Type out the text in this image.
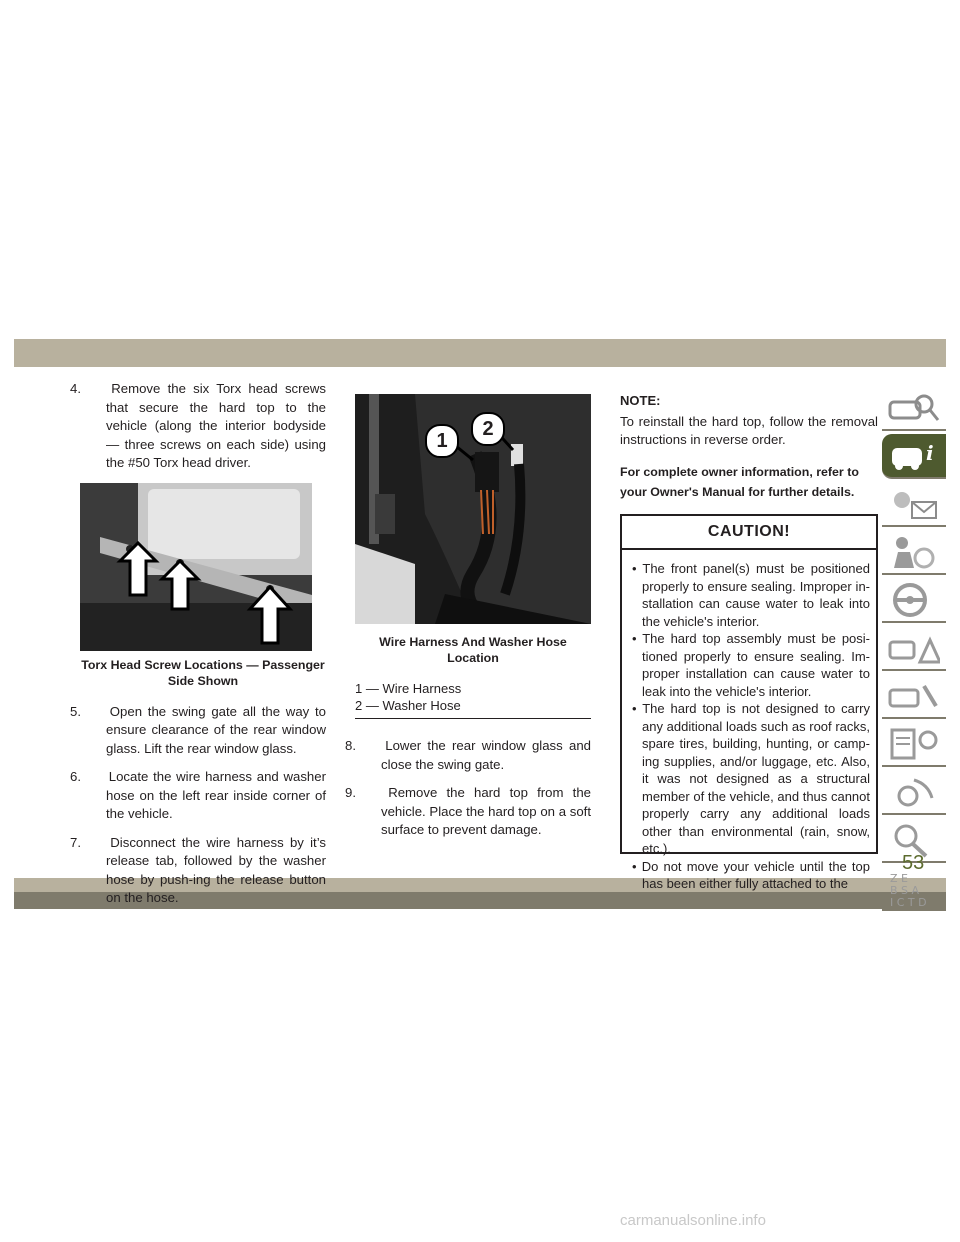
4. Remove the six Torx head screws that secure the hard top to the vehicle (along the interior bodyside — three screws on each side) using the #50 Torx head driver.

Torx Head Screw Locations — Passenger
Side Shown

5. Open the swing gate all the way to ensure clearance of the rear window glass. Lift the rear window glass.

6. Locate the wire harness and washer hose on the left rear inside corner of the vehicle.

7. Disconnect the wire harness by it’s release tab, followed by the washer hose by push-ing the release button on the hose.

1
2
Wire Harness And Washer Hose Location
1 — Wire Harness
2 — Washer Hose

8. Lower the rear window glass and close the swing gate.

9. Remove the hard top from the vehicle. Place the hard top on a soft surface to prevent damage.

NOTE:

To reinstall the hard top, follow the removal instructions in reverse order.

For complete owner information, refer to your Owner's Manual for further details.

CAUTION!
• The front panel(s) must be positioned properly to ensure sealing. Improper in-stallation can cause water to leak into the vehicle's interior.
• The hard top assembly must be posi-tioned properly to ensure sealing. Im-proper installation can cause water to leak into the vehicle's interior.
• The hard top is not designed to carry any additional loads such as roof racks, spare tires, building, hunting, or camp-ing supplies, and/or luggage, etc. Also, it was not designed as a structural member of the vehicle, and thus cannot properly carry any additional loads other than environmental (rain, snow, etc.).
• Do not move your vehicle until the top has been either fully attached to the
i
Z E
B S A
I C T D
53
carmanualsonline.info
